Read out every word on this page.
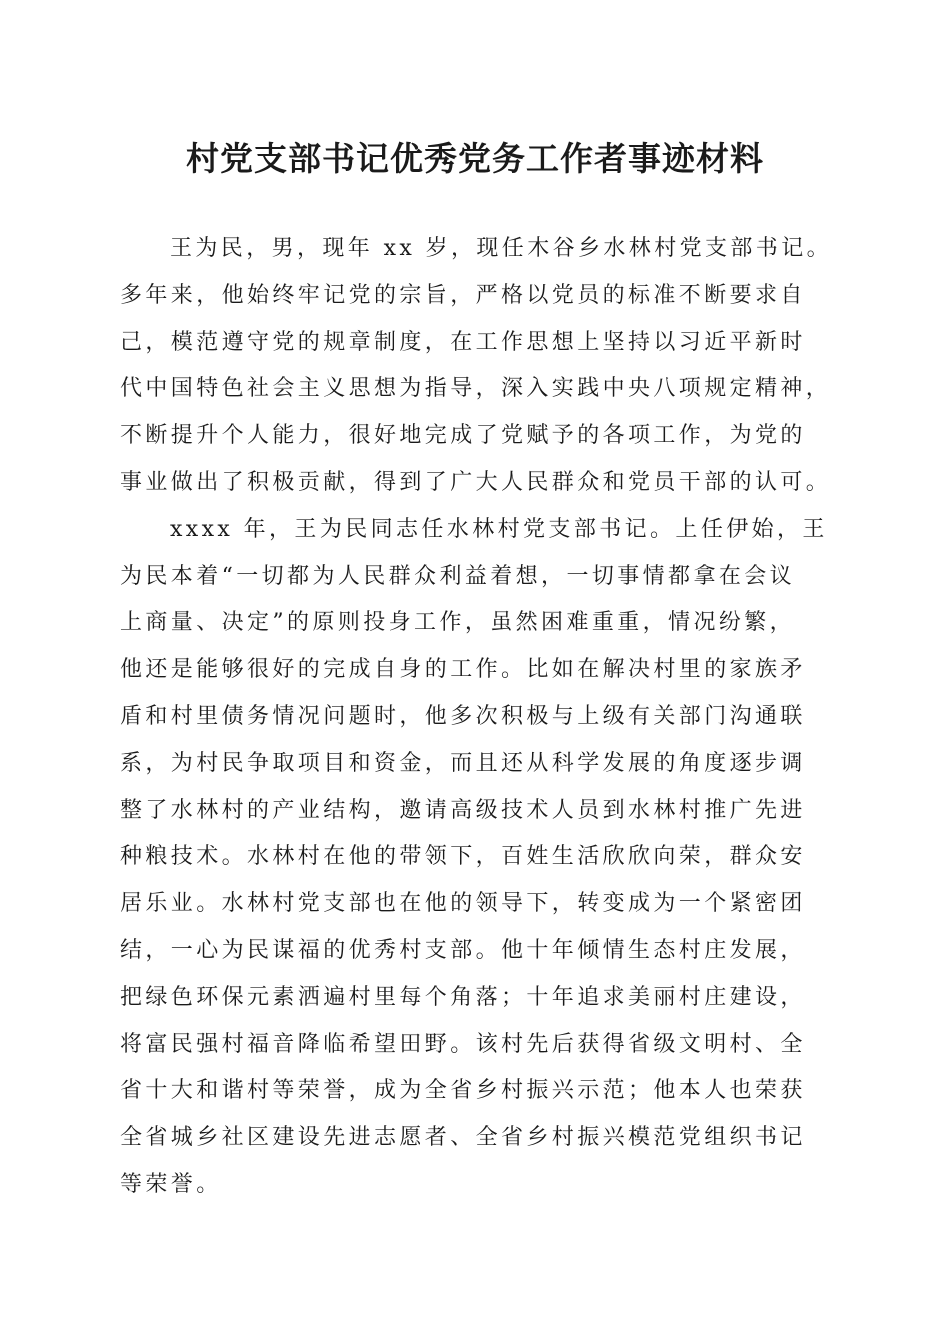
村党支部书记优秀党务工作者事迹材料
王为民，男，现年 xx 岁，现任木谷乡水林村党支部书记。
多年来，他始终牢记党的宗旨，严格以党员的标准不断要求自
己，模范遵守党的规章制度，在工作思想上坚持以习近平新时
代中国特色社会主义思想为指导，深入实践中央八项规定精神，
不断提升个人能力，很好地完成了党赋予的各项工作，为党的
事业做出了积极贡献，得到了广大人民群众和党员干部的认可。
xxxx 年，王为民同志任水林村党支部书记。上任伊始，王
为民本着“一切都为人民群众利益着想，一切事情都拿在会议
上商量、决定”的原则投身工作，虽然困难重重，情况纷繁，
他还是能够很好的完成自身的工作。比如在解决村里的家族矛
盾和村里债务情况问题时，他多次积极与上级有关部门沟通联
系，为村民争取项目和资金，而且还从科学发展的角度逐步调
整了水林村的产业结构，邀请高级技术人员到水林村推广先进
种粮技术。水林村在他的带领下，百姓生活欣欣向荣，群众安
居乐业。水林村党支部也在他的领导下，转变成为一个紧密团
结，一心为民谋福的优秀村支部。他十年倾情生态村庄发展，
把绿色环保元素洒遍村里每个角落；十年追求美丽村庄建设，
将富民强村福音降临希望田野。该村先后获得省级文明村、全
省十大和谐村等荣誉，成为全省乡村振兴示范；他本人也荣获
全省城乡社区建设先进志愿者、全省乡村振兴模范党组织书记
等荣誉。
